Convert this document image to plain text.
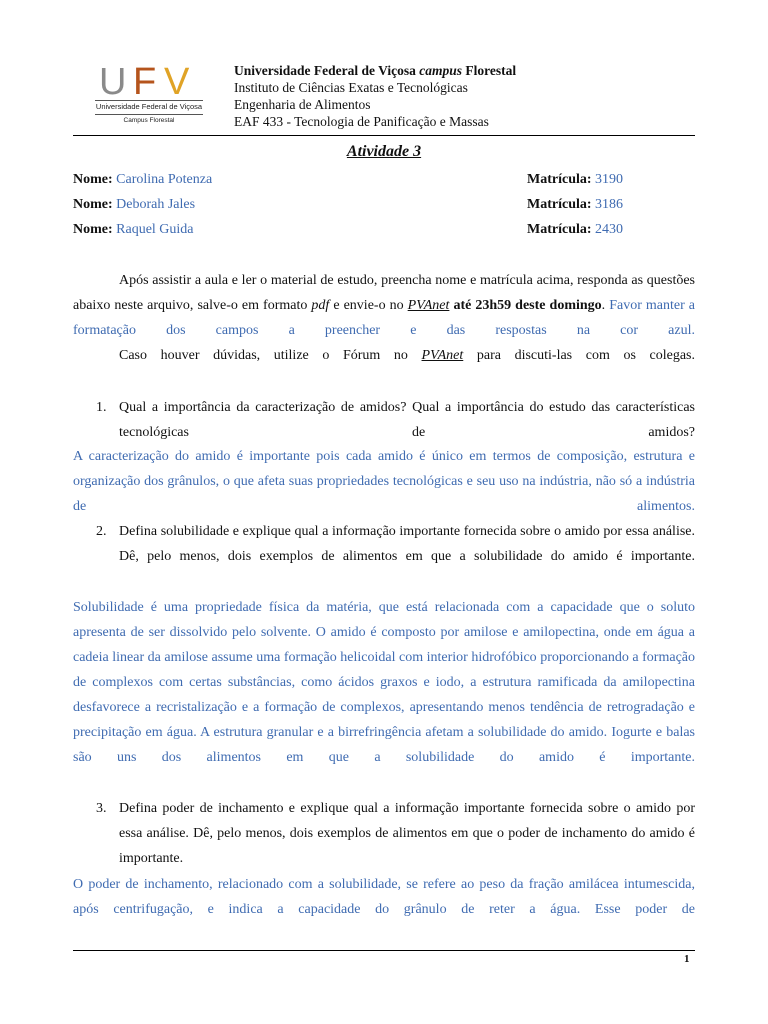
U F V
Universidade Federal de Viçosa
Campus Florestal
Universidade Federal de Viçosa campus Florestal
Instituto de Ciências Exatas e Tecnológicas
Engenharia de Alimentos
EAF 433 - Tecnologia de Panificação e Massas
Atividade 3
Nome: Carolina Potenza	Matrícula: 3190
Nome: Deborah Jales	Matrícula: 3186
Nome: Raquel Guida	Matrícula: 2430
Após assistir a aula e ler o material de estudo, preencha nome e matrícula acima, responda as questões abaixo neste arquivo, salve-o em formato pdf e envie-o no PVAnet até 23h59 deste domingo. Favor manter a formatação dos campos a preencher e das respostas na cor azul.
Caso houver dúvidas, utilize o Fórum no PVAnet para discuti-las com os colegas.
1. Qual a importância da caracterização de amidos? Qual a importância do estudo das características tecnológicas de amidos?
A caracterização do amido é importante pois cada amido é único em termos de composição, estrutura e organização dos grânulos, o que afeta suas propriedades tecnológicas e seu uso na indústria, não só a indústria de alimentos.
2. Defina solubilidade e explique qual a informação importante fornecida sobre o amido por essa análise. Dê, pelo menos, dois exemplos de alimentos em que a solubilidade do amido é importante.
Solubilidade é uma propriedade física da matéria, que está relacionada com a capacidade que o soluto apresenta de ser dissolvido pelo solvente. O amido é composto por amilose e amilopectina, onde em água a cadeia linear da amilose assume uma formação helicoidal com interior hidrofóbico proporcionando a formação de complexos com certas substâncias, como ácidos graxos e iodo, a estrutura ramificada da amilopectina desfavorece a recristalização e a formação de complexos, apresentando menos tendência de retrogradação e precipitação em água. A estrutura granular e a birrefringência afetam a solubilidade do amido. Iogurte e balas são uns dos alimentos em que a solubilidade do amido é importante.
3. Defina poder de inchamento e explique qual a informação importante fornecida sobre o amido por essa análise. Dê, pelo menos, dois exemplos de alimentos em que o poder de inchamento do amido é importante.
O poder de inchamento, relacionado com a solubilidade, se refere ao peso da fração amilácea intumescida, após centrifugação, e indica a capacidade do grânulo de reter a água. Esse poder de
1
